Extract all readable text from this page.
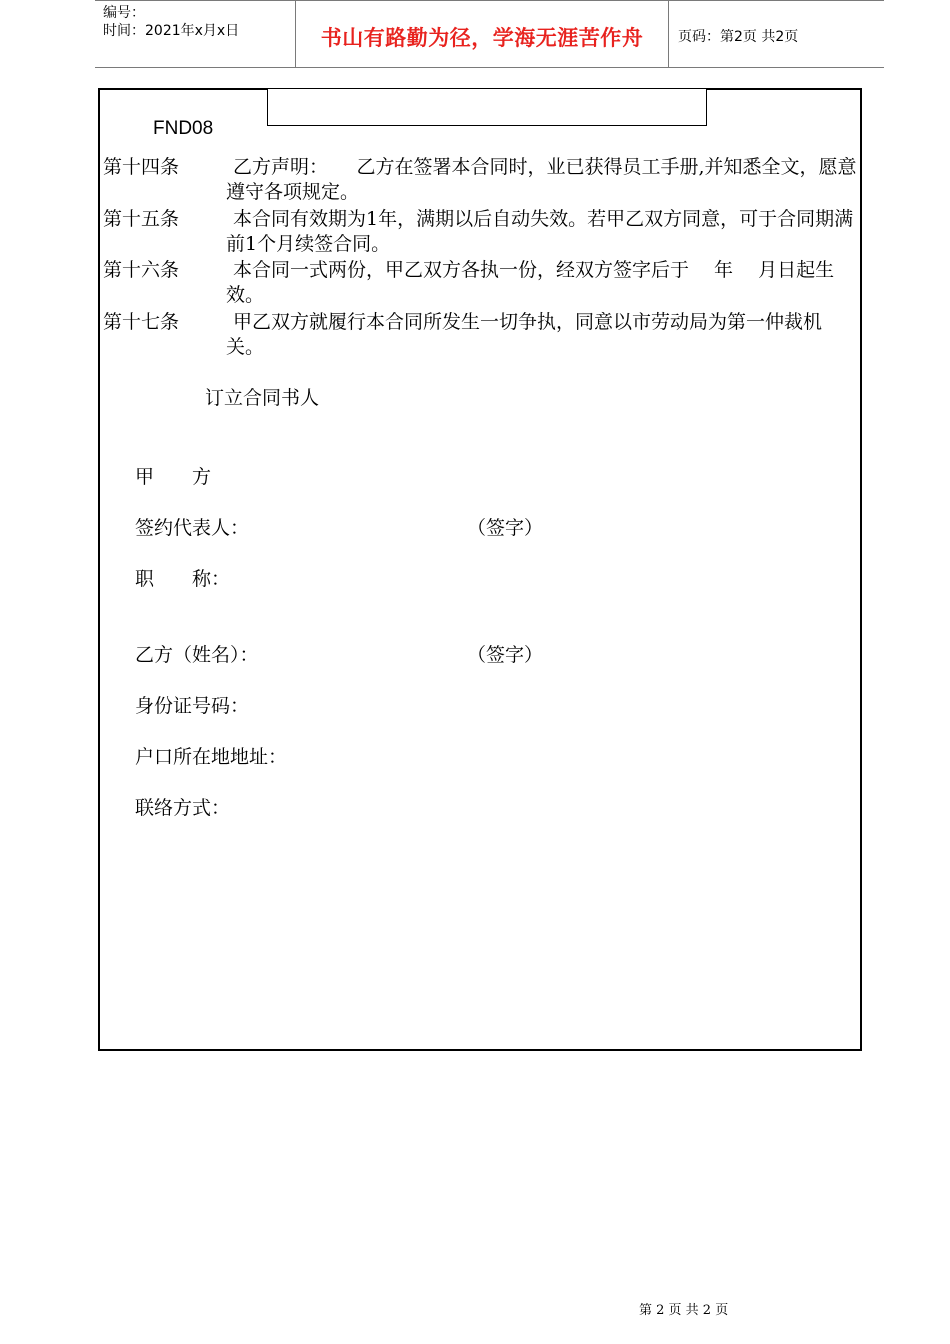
编号：
时间：2021年x月x日	书山有路勤为径，学海无涯苦作舟	页码：第2页 共2页
FND08
第十四条	乙方声明：　　乙方在签署本合同时，业已获得员工手册,并知悉全文，愿意遵守各项规定。
第十五条	本合同有效期为1年，满期以后自动失效。若甲乙双方同意，可于合同期满前1个月续签合同。
第十六条	本合同一式两份，甲乙双方各执一份，经双方签字后于　 年　 月日起生效。
第十七条	甲乙双方就履行本合同所发生一切争执，同意以市劳动局为第一仲裁机关。
订立合同书人
甲　　方
签约代表人：	（签字）
职　　称：
乙方（姓名）：	（签字）
身份证号码：
户口所在地地址：
联络方式：
第 2 页 共 2 页
